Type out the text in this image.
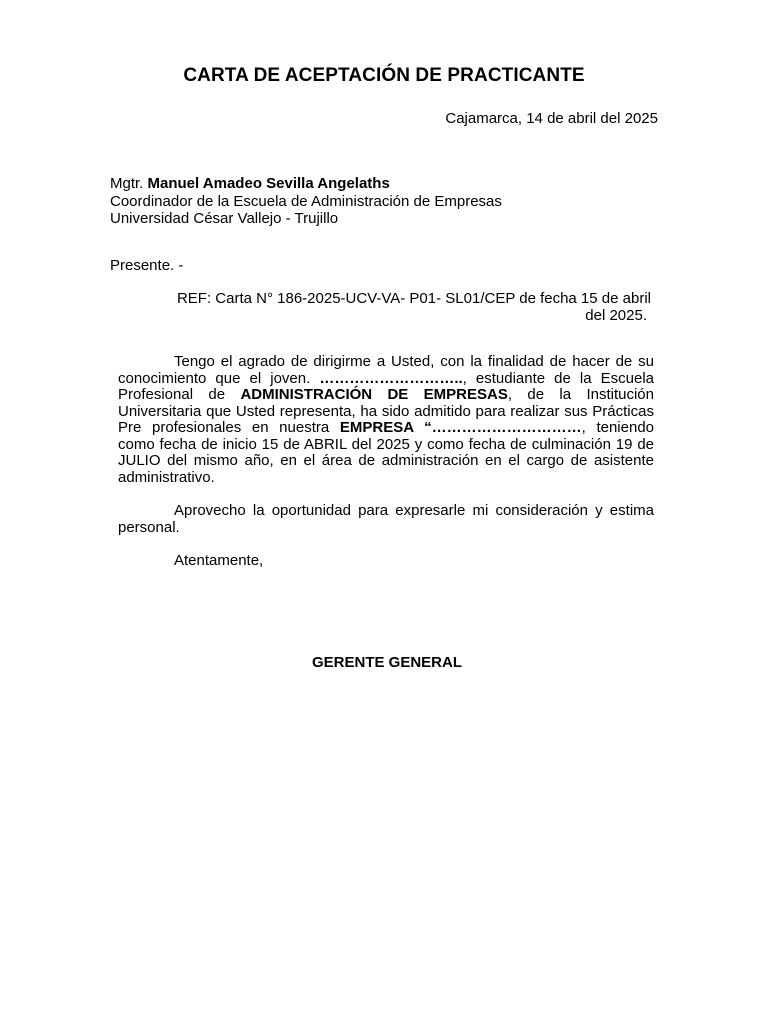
CARTA DE ACEPTACIÓN DE PRACTICANTE
Cajamarca, 14 de abril del 2025
Mgtr. Manuel Amadeo Sevilla Angelaths
Coordinador de la Escuela de Administración de Empresas
Universidad César Vallejo - Trujillo
Presente. -
REF: Carta N° 186-2025-UCV-VA- P01- SL01/CEP de fecha 15 de abril
del 2025.

Tengo el agrado de dirigirme a Usted, con la finalidad de hacer de su conocimiento que el joven. ……………………….., estudiante de la Escuela Profesional de ADMINISTRACIÓN DE EMPRESAS, de la Institución Universitaria que Usted representa, ha sido admitido para realizar sus Prácticas Pre profesionales en nuestra EMPRESA “…………………………, teniendo como fecha de inicio 15 de ABRIL del 2025 y como fecha de culminación 19 de JULIO del mismo año, en el área de administración en el cargo de asistente administrativo.

Aprovecho la oportunidad para expresarle mi consideración y estima personal.

Atentamente,

GERENTE GENERAL
